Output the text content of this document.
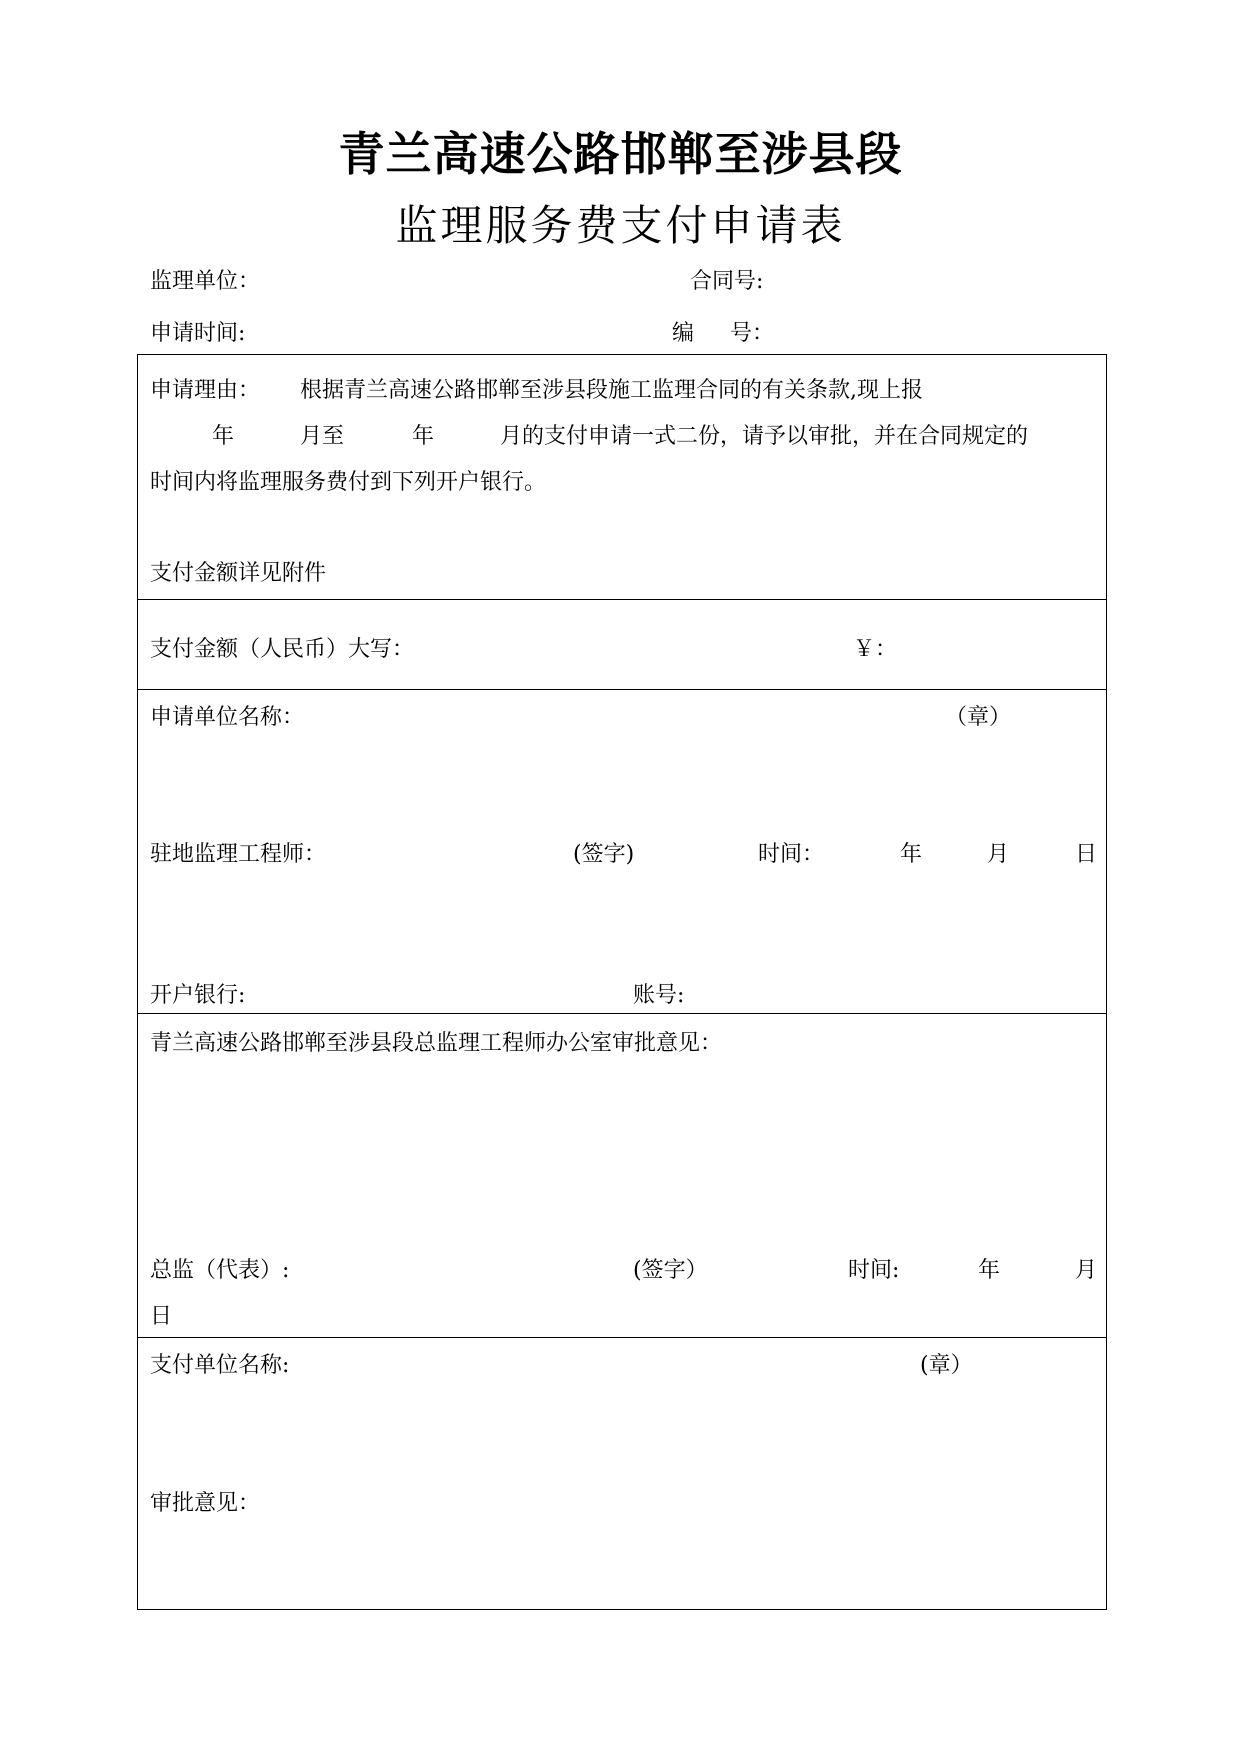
青兰高速公路邯郸至涉县段
监理服务费支付申请表
监理单位：	合同号:
申请时间:	编 号：
申请理由： 根据青兰高速公路邯郸至涉县段施工监理合同的有关条款,现上报
年	月至	年	月的支付申请一式二份，请予以审批，并在合同规定的
时间内将监理服务费付到下列开户银行。
支付金额详见附件
支付金额（人民币）大写：	￥：
申请单位名称：	（章）
驻地监理工程师：	(签字)	时间：	年	月	日
开户银行:	账号:
青兰高速公路邯郸至涉县段总监理工程师办公室审批意见：
总监（代表）:	(签字）	时间:	年	月
日
支付单位名称:	(章）
审批意见：
